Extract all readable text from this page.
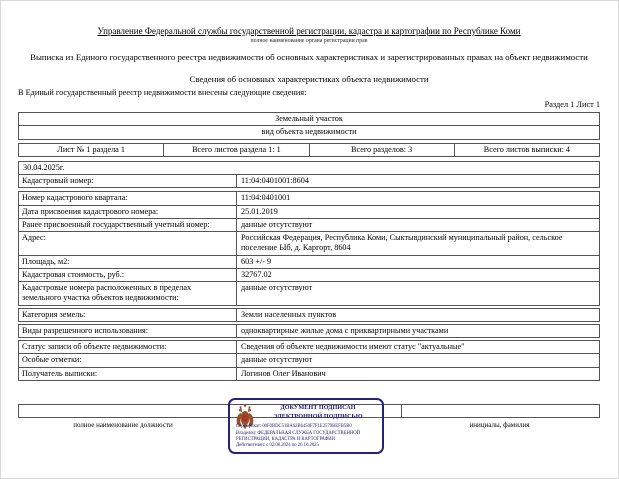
Управление Федеральной службы государственной регистрации, кадастра и картографии по Республике Коми
полное наименование органа регистрации прав
Выписка из Единого государственного реестра недвижимости об основных характеристиках и зарегистрированных правах на объект недвижимости
Сведения об основных характеристиках объекта недвижимости
В Единый государственный реестр недвижимости внесены следующие сведения:
Раздел 1 Лист 1
Земельный участок
вид объекта недвижимости
Лист № 1 раздела 1	Всего листов раздела 1: 1	Всего разделов: 3	Всего листов выписки: 4
30.04.2025г.
Кадастровый номер:	11:04:0401001:8604
Номер кадастрового квартала:	11:04:0401001
Дата присвоения кадастрового номера:	25.01.2019
Ранее присвоенный государственный учетный номер:	данные отсутствуют
Адрес:	Российская Федерация, Республика Коми, Сыктывдинский муниципальный район, сельское поселение Ыб, д. Каргорт, 8604
Площадь, м2:	603 +/- 9
Кадастровая стоимость, руб.:	32767.02
Кадастровые номера расположенных в пределах земельного участка объектов недвижимости:
данные отсутствуют
Категория земель:	Земли населенных пунктов
Виды разрешенного использования:	одноквартирные жилые дома с приквартирными участками
Статус записи об объекте недвижимости:	Сведения об объекте недвижимости имеют статус "актуальные"
Особые отметки:	данные отсутствуют
Получатель выписки:	Логинов Олег Иванович
полное наименование должности	инициалы, фамилия
ДОКУМЕНТ ПОДПИСАН
ЭЛЕКТРОННОЙ ПОДПИСЬЮ
Сертификат: 00F0BDC51BA62B6450F7F1E2579BEFB5B0
Владелец: ФЕДЕРАЛЬНАЯ СЛУЖБА ГОСУДАРСТВЕННОЙ
РЕГИСТРАЦИИ, КАДАСТРА И КАРТОГРАФИИ
Действителен: с 02.08.2024 по 26.10.2025
